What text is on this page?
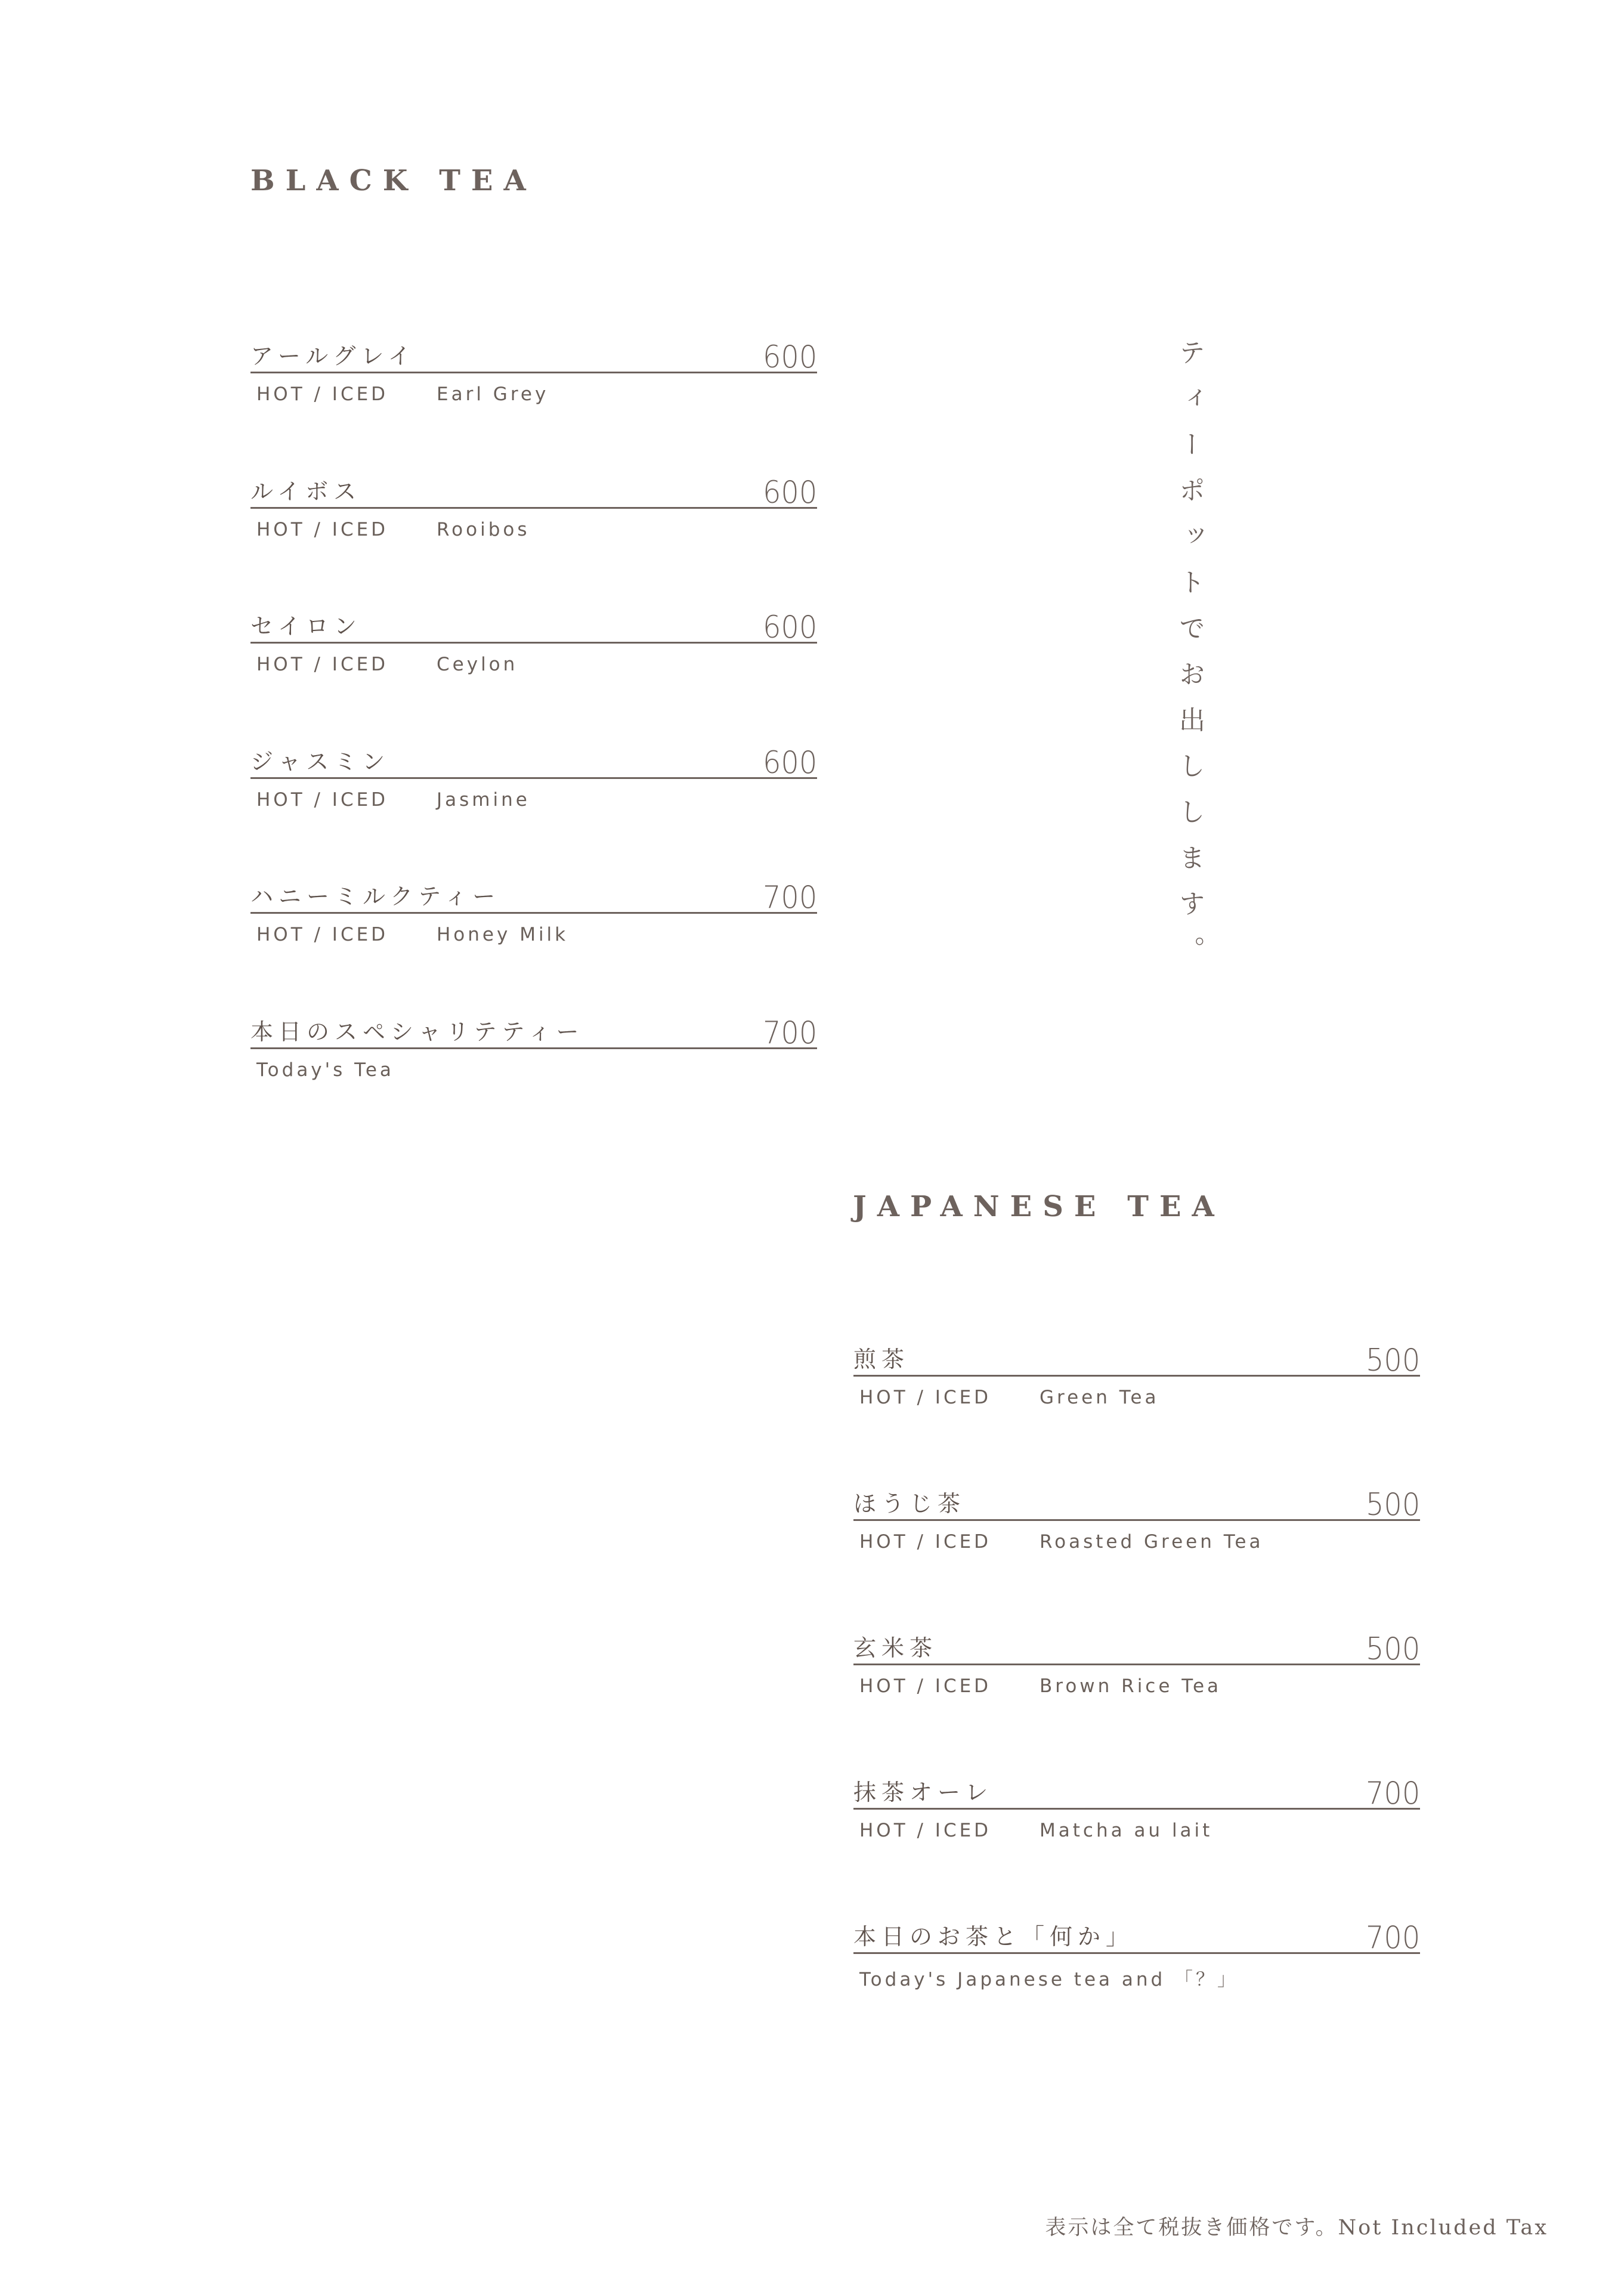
BLACK TEA
アールグレイ	600
HOT / ICED	Earl Grey
ルイボス	600
HOT / ICED	Rooibos
セイロン	600
HOT / ICED	Ceylon
ジャスミン	600
HOT / ICED	Jasmine
ハニーミルクティー	700
HOT / ICED	Honey Milk
本日のスペシャリテティー	700
Today's Tea
ティーポットでお出しします。
JAPANESE TEA
煎茶	500
HOT / ICED	Green Tea
ほうじ茶	500
HOT / ICED	Roasted Green Tea
玄米茶	500
HOT / ICED	Brown Rice Tea
抹茶オーレ	700
HOT / ICED	Matcha au lait
本日のお茶と「何か」	700
Today's Japanese tea and 「？」
表示は全て税抜き価格です。Not Included Tax
